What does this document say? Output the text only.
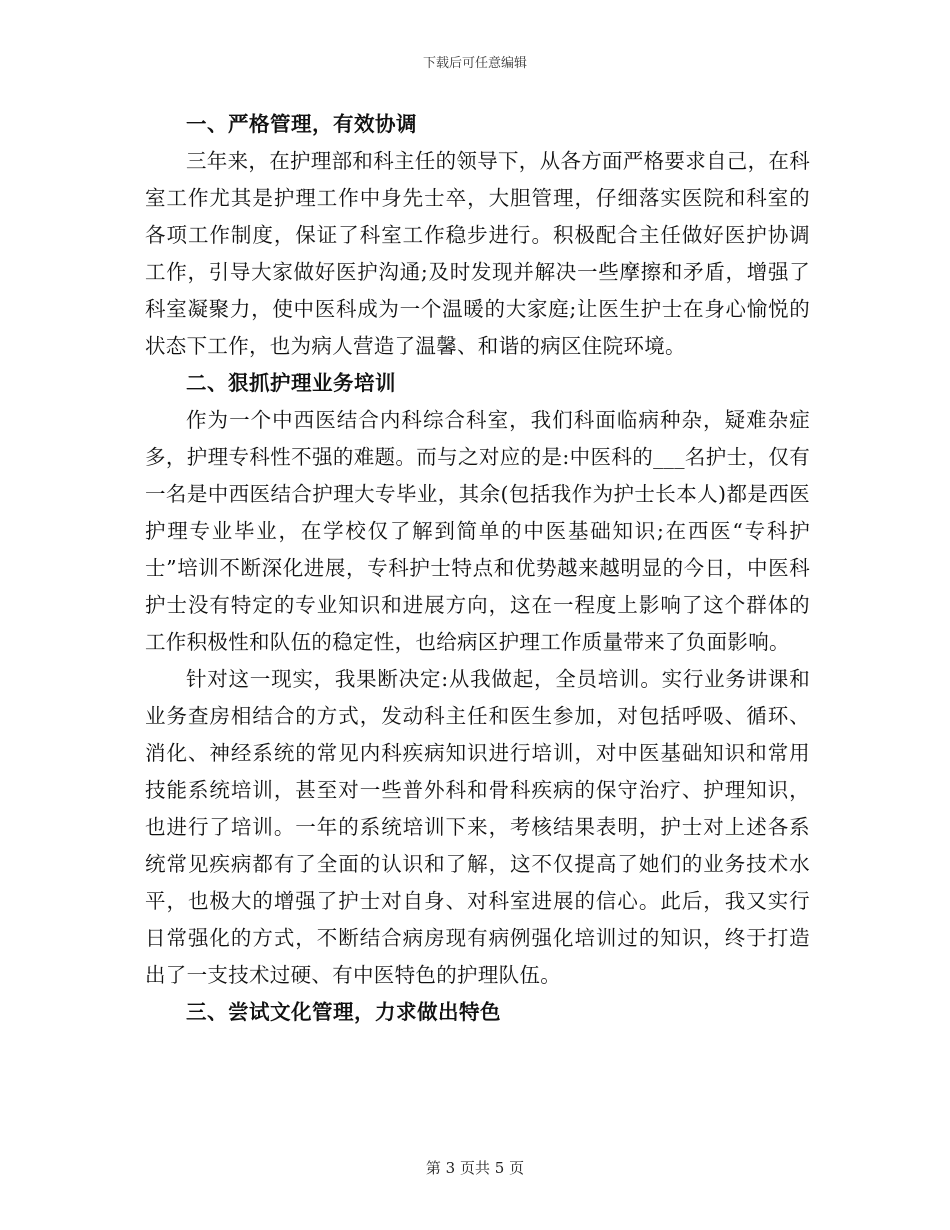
下载后可任意编辑
一、严格管理，有效协调

三年来，在护理部和科主任的领导下，从各方面严格要求自己，在科室工作尤其是护理工作中身先士卒，大胆管理，仔细落实医院和科室的各项工作制度，保证了科室工作稳步进行。积极配合主任做好医护协调工作，引导大家做好医护沟通;及时发现并解决一些摩擦和矛盾，增强了科室凝聚力，使中医科成为一个温暖的大家庭;让医生护士在身心愉悦的状态下工作，也为病人营造了温馨、和谐的病区住院环境。

二、狠抓护理业务培训

作为一个中西医结合内科综合科室，我们科面临病种杂，疑难杂症多，护理专科性不强的难题。而与之对应的是:中医科的___名护士，仅有一名是中西医结合护理大专毕业，其余(包括我作为护士长本人)都是西医护理专业毕业，在学校仅了解到简单的中医基础知识;在西医“专科护士”培训不断深化进展，专科护士特点和优势越来越明显的今日，中医科护士没有特定的专业知识和进展方向，这在一程度上影响了这个群体的工作积极性和队伍的稳定性，也给病区护理工作质量带来了负面影响。

针对这一现实，我果断决定:从我做起，全员培训。实行业务讲课和业务查房相结合的方式，发动科主任和医生参加，对包括呼吸、循环、消化、神经系统的常见内科疾病知识进行培训，对中医基础知识和常用技能系统培训，甚至对一些普外科和骨科疾病的保守治疗、护理知识，也进行了培训。一年的系统培训下来，考核结果表明，护士对上述各系统常见疾病都有了全面的认识和了解，这不仅提高了她们的业务技术水平，也极大的增强了护士对自身、对科室进展的信心。此后，我又实行日常强化的方式，不断结合病房现有病例强化培训过的知识，终于打造出了一支技术过硬、有中医特色的护理队伍。

三、尝试文化管理，力求做出特色
第 3 页共 5 页
